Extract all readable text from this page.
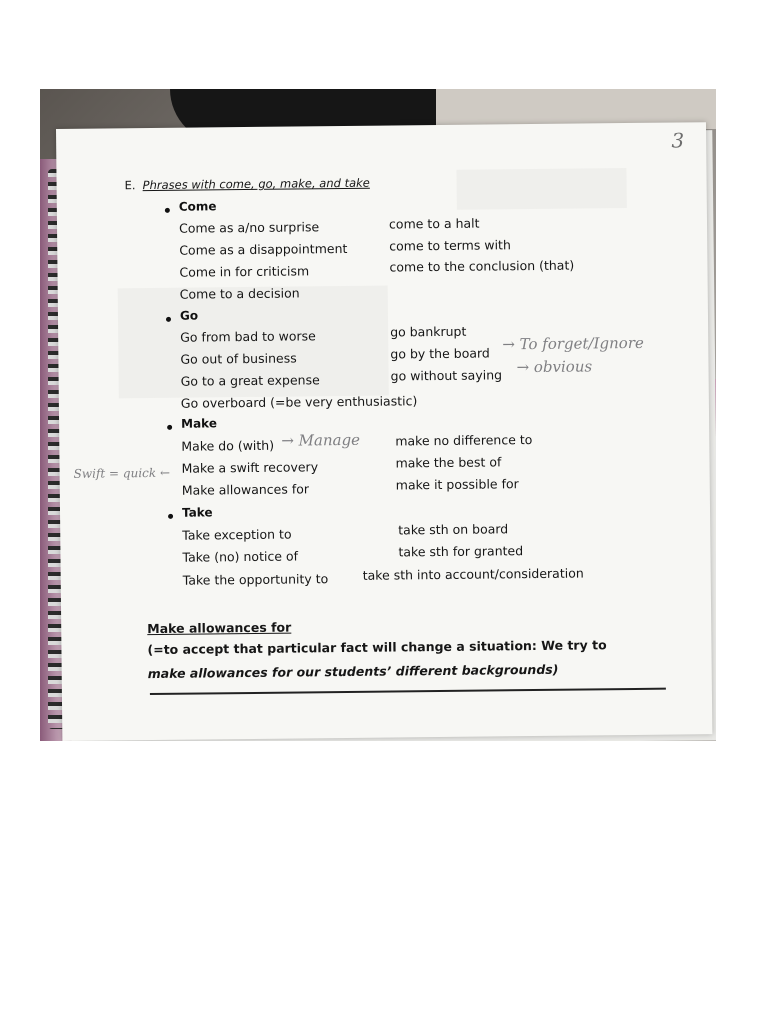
3
E. Phrases with come, go, make, and take
Come
Come as a/no surprise
Come as a disappointment
Come in for criticism
Come to a decision
come to a halt
come to terms with
come to the conclusion (that)
Go
Go from bad to worse
Go out of business
Go to a great expense
Go overboard (=be very enthusiastic)
go bankrupt
go by the board
go without saying
→ To forget/Ignore
→ obvious
Make
Make do (with)
Make a swift recovery
Make allowances for
make no difference to
make the best of
make it possible for
→ Manage
Swift = quick ←
Take
Take exception to
Take (no) notice of
Take the opportunity to
take sth on board
take sth for granted
take sth into account/consideration
Make allowances for
(=to accept that particular fact will change a situation: We try to
make allowances for our students’ different backgrounds)
